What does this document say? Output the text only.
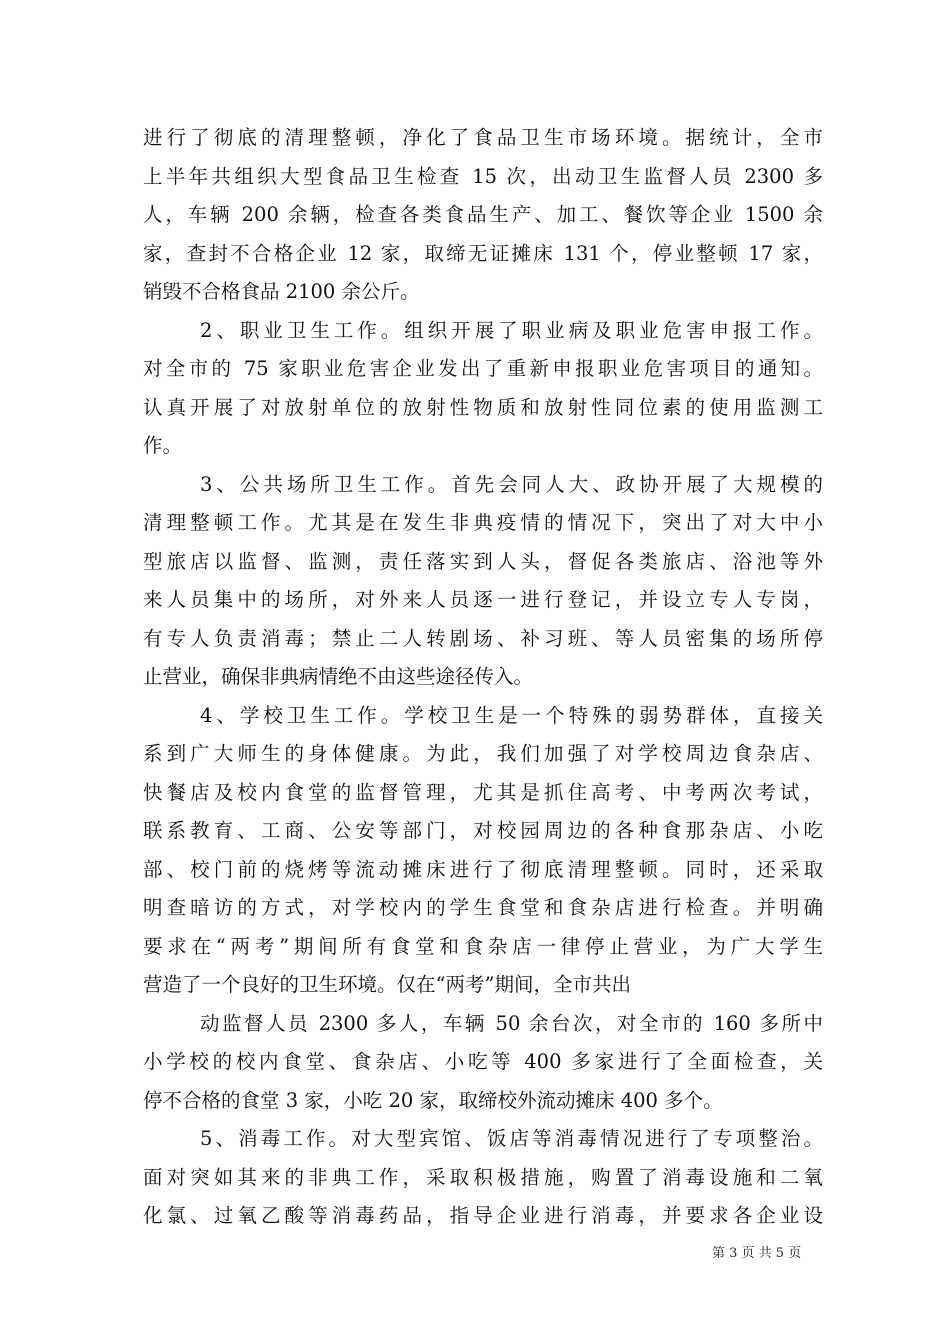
进行了彻底的清理整顿，净化了食品卫生市场环境。据统计，全市
上半年共组织大型食品卫生检查 15 次，出动卫生监督人员 2300 多
人，车辆 200 余辆，检查各类食品生产、加工、餐饮等企业 1500 余
家，查封不合格企业 12 家，取缔无证摊床 131 个，停业整顿 17 家，
销毁不合格食品 2100 余公斤。
2、职业卫生工作。组织开展了职业病及职业危害申报工作。
对全市的 75 家职业危害企业发出了重新申报职业危害项目的通知。
认真开展了对放射单位的放射性物质和放射性同位素的使用监测工
作。
3、公共场所卫生工作。首先会同人大、政协开展了大规模的
清理整顿工作。尤其是在发生非典疫情的情况下，突出了对大中小
型旅店以监督、监测，责任落实到人头，督促各类旅店、浴池等外
来人员集中的场所，对外来人员逐一进行登记，并设立专人专岗，
有专人负责消毒；禁止二人转剧场、补习班、等人员密集的场所停
止营业，确保非典病情绝不由这些途径传入。
4、学校卫生工作。学校卫生是一个特殊的弱势群体，直接关
系到广大师生的身体健康。为此，我们加强了对学校周边食杂店、
快餐店及校内食堂的监督管理，尤其是抓住高考、中考两次考试，
联系教育、工商、公安等部门，对校园周边的各种食那杂店、小吃
部、校门前的烧烤等流动摊床进行了彻底清理整顿。同时，还采取
明查暗访的方式，对学校内的学生食堂和食杂店进行检查。并明确
要求在“两考”期间所有食堂和食杂店一律停止营业，为广大学生
营造了一个良好的卫生环境。仅在“两考”期间，全市共出
动监督人员 2300 多人，车辆 50 余台次，对全市的 160 多所中
小学校的校内食堂、食杂店、小吃等 400 多家进行了全面检查，关
停不合格的食堂 3 家，小吃 20 家，取缔校外流动摊床 400 多个。
5、消毒工作。对大型宾馆、饭店等消毒情况进行了专项整治。
面对突如其来的非典工作，采取积极措施，购置了消毒设施和二氧
化氯、过氧乙酸等消毒药品，指导企业进行消毒，并要求各企业设
第 3 页 共 5 页
